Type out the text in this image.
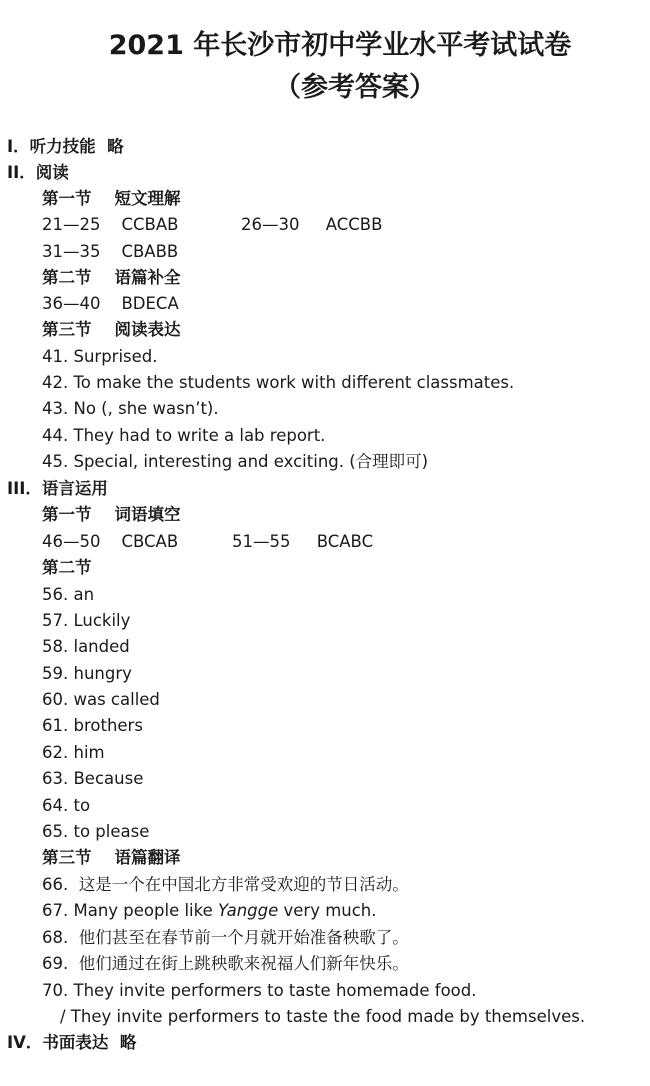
2021 年长沙市初中学业水平考试试卷
（参考答案）
I．听力技能  略
II．阅读
第一节    短文理解
21—25    CCBAB	26—30     ACCBB
31—35    CBABB
第二节    语篇补全
36—40    BDECA
第三节    阅读表达
41. Surprised.
42. To make the students work with different classmates.
43. No (, she wasn’t).
44. They had to write a lab report.
45. Special, interesting and exciting. (合理即可)
III．语言运用
第一节    词语填空
46—50    CBCAB	51—55     BCABC
第二节
56. an
57. Luckily
58. landed
59. hungry
60. was called
61. brothers
62. him
63. Because
64. to
65. to please
第三节    语篇翻译
66.  这是一个在中国北方非常受欢迎的节日活动。
67. Many people like Yangge very much.
68.  他们甚至在春节前一个月就开始准备秧歌了。
69.  他们通过在街上跳秧歌来祝福人们新年快乐。
70. They invite performers to taste homemade food.
/ They invite performers to taste the food made by themselves.
IV．书面表达  略
